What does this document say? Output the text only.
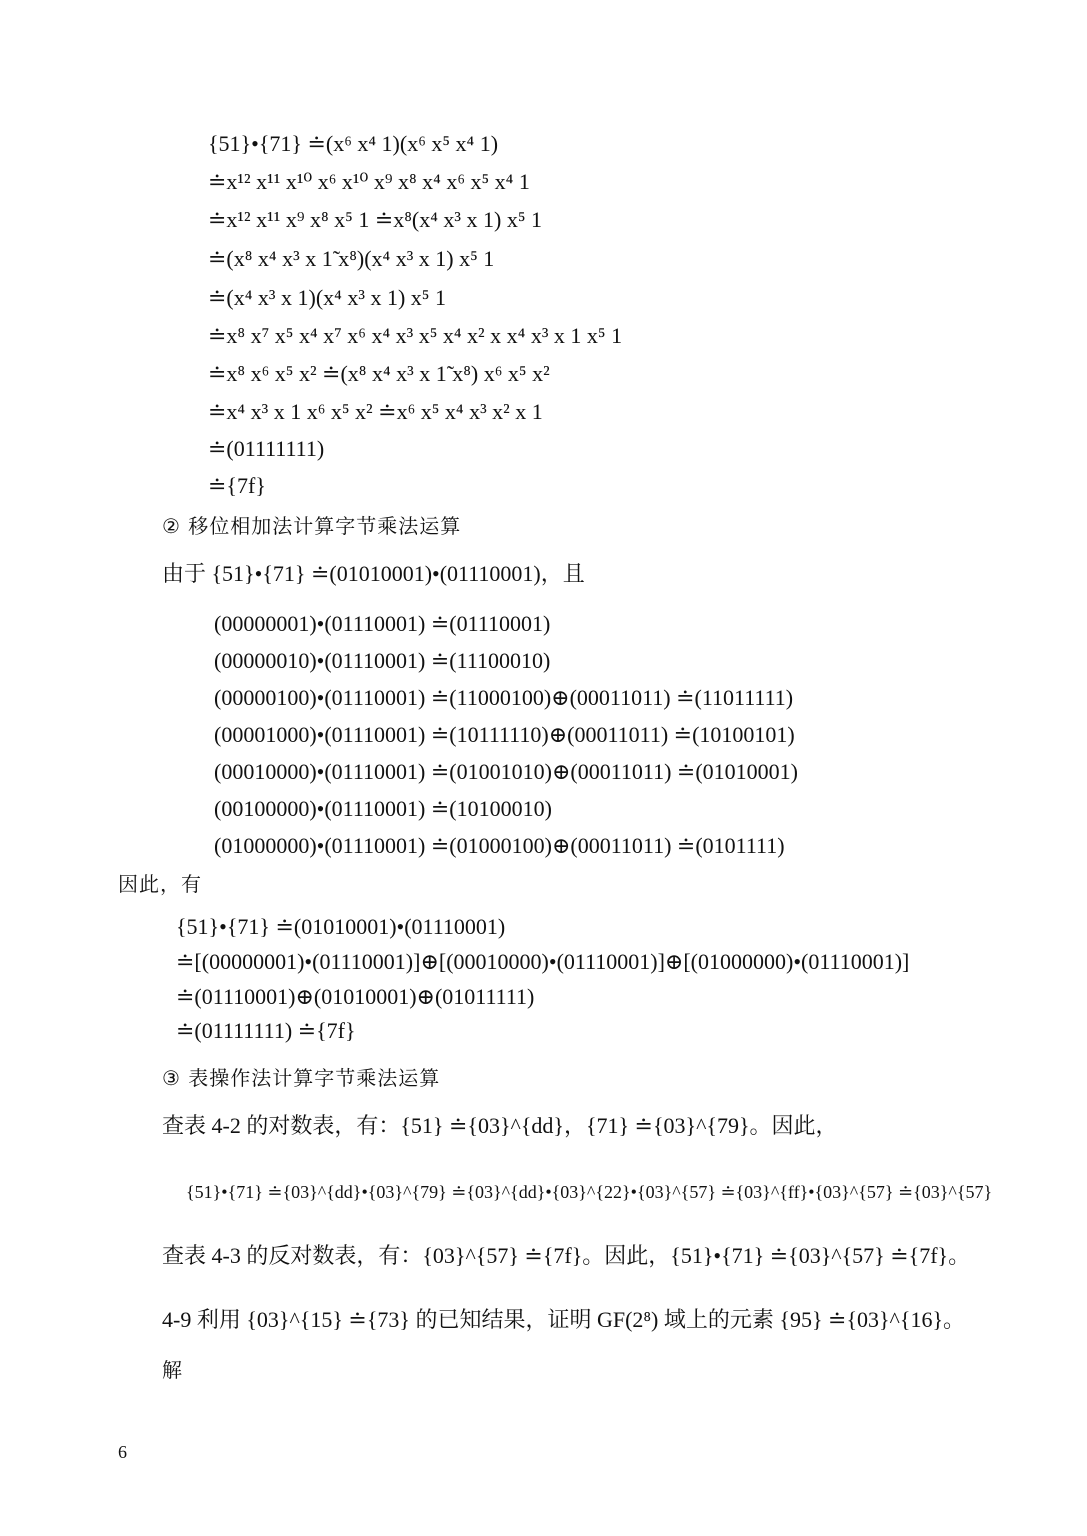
{51}•{71} ≐(x⁶ x⁴ 1)(x⁶ x⁵ x⁴ 1)
≐x¹² x¹¹ x¹⁰ x⁶ x¹⁰ x⁹ x⁸ x⁴ x⁶ x⁵ x⁴ 1
≐x¹² x¹¹ x⁹ x⁸ x⁵ 1 ≐x⁸(x⁴ x³ x 1) x⁵ 1
≐(x⁸ x⁴ x³ x 1̃ x⁸)(x⁴ x³ x 1) x⁵ 1
≐(x⁴ x³ x 1)(x⁴ x³ x 1) x⁵ 1
≐x⁸ x⁷ x⁵ x⁴ x⁷ x⁶ x⁴ x³ x⁵ x⁴ x² x x⁴ x³ x 1 x⁵ 1
≐x⁸ x⁶ x⁵ x² ≐(x⁸ x⁴ x³ x 1̃ x⁸) x⁶ x⁵ x²
≐x⁴ x³ x 1 x⁶ x⁵ x² ≐x⁶ x⁵ x⁴ x³ x² x 1
≐(01111111)
≐{7f}
② 移位相加法计算字节乘法运算
由于 {51}•{71} ≐(01010001)•(01110001)，且
(00000001)•(01110001) ≐(01110001)
(00000010)•(01110001) ≐(11100010)
(00000100)•(01110001) ≐(11000100)⊕(00011011) ≐(11011111)
(00001000)•(01110001) ≐(10111110)⊕(00011011) ≐(10100101)
(00010000)•(01110001) ≐(01001010)⊕(00011011) ≐(01010001)
(00100000)•(01110001) ≐(10100010)
(01000000)•(01110001) ≐(01000100)⊕(00011011) ≐(0101111)
因此，有
{51}•{71} ≐(01010001)•(01110001)
≐[(00000001)•(01110001)]⊕[(00010000)•(01110001)]⊕[(01000000)•(01110001)]
≐(01110001)⊕(01010001)⊕(01011111)
≐(01111111) ≐{7f}
③ 表操作法计算字节乘法运算
查表 4-2 的对数表，有：{51} ≐{03}^{dd}，{71} ≐{03}^{79}。因此，
{51}•{71} ≐{03}^{dd}•{03}^{79} ≐{03}^{dd}•{03}^{22}•{03}^{57} ≐{03}^{ff}•{03}^{57} ≐{03}^{57}
查表 4-3 的反对数表，有：{03}^{57} ≐{7f}。因此，{51}•{71} ≐{03}^{57} ≐{7f}。
4-9 利用 {03}^{15} ≐{73} 的已知结果，证明 GF(2⁸) 域上的元素 {95} ≐{03}^{16}。
解
6
